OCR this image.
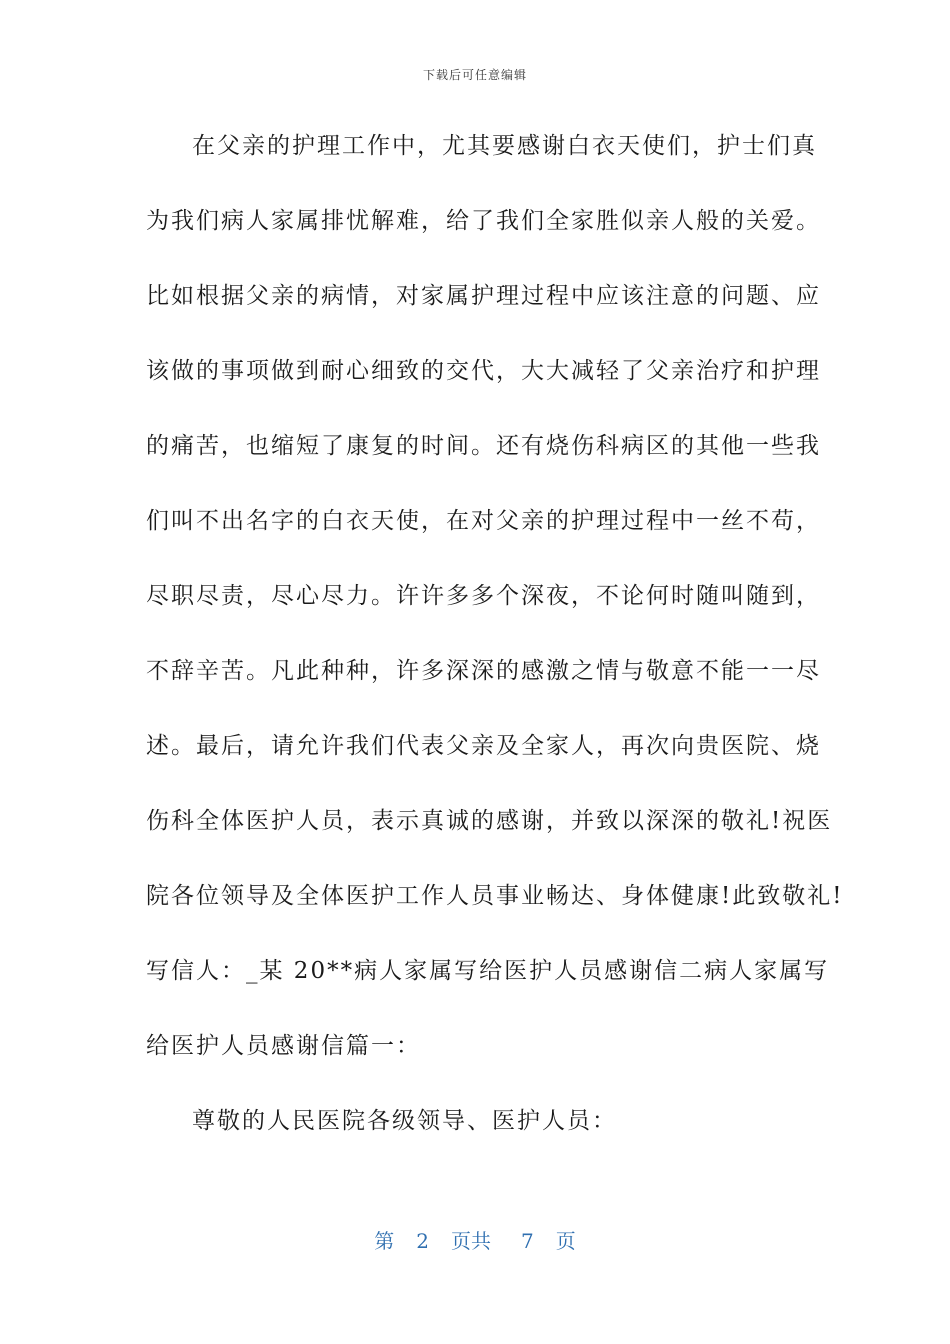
下载后可任意编辑
在父亲的护理工作中，尤其要感谢白衣天使们，护士们真
为我们病人家属排忧解难，给了我们全家胜似亲人般的关爱。
比如根据父亲的病情，对家属护理过程中应该注意的问题、应
该做的事项做到耐心细致的交代，大大减轻了父亲治疗和护理
的痛苦，也缩短了康复的时间。还有烧伤科病区的其他一些我
们叫不出名字的白衣天使，在对父亲的护理过程中一丝不苟，
尽职尽责，尽心尽力。许许多多个深夜，不论何时随叫随到，
不辞辛苦。凡此种种，许多深深的感激之情与敬意不能一一尽
述。最后，请允许我们代表父亲及全家人，再次向贵医院、烧
伤科全体医护人员，表示真诚的感谢，并致以深深的敬礼!祝医
院各位领导及全体医护工作人员事业畅达、身体健康!此致敬礼!
写信人：_某 20**病人家属写给医护人员感谢信二病人家属写
给医护人员感谢信篇一：
尊敬的人民医院各级领导、医护人员：
第 2 页共 7 页
